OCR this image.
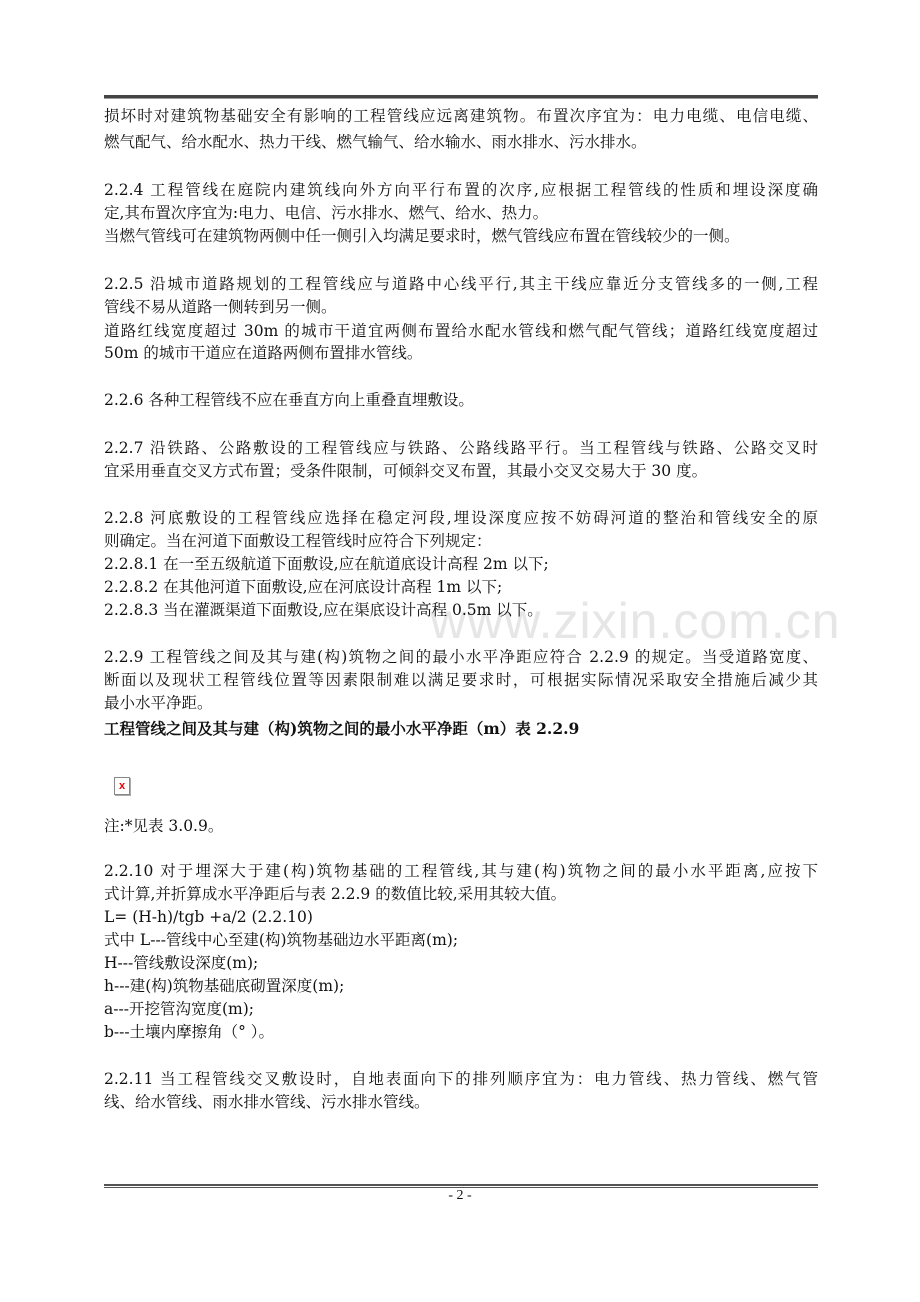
www.zixin.com.cn
损坏时对建筑物基础安全有影响的工程管线应远离建筑物。布置次序宜为：电力电缆、电信电缆、
燃气配气、给水配水、热力干线、燃气输气、给水输水、雨水排水、污水排水。
2.2.4 工程管线在庭院内建筑线向外方向平行布置的次序,应根据工程管线的性质和埋设深度确
定,其布置次序宜为:电力、电信、污水排水、燃气、给水、热力。
当燃气管线可在建筑物两侧中任一侧引入均满足要求时，燃气管线应布置在管线较少的一侧。
2.2.5 沿城市道路规划的工程管线应与道路中心线平行,其主干线应靠近分支管线多的一侧,工程
管线不易从道路一侧转到另一侧。
道路红线宽度超过 30m 的城市干道宜两侧布置给水配水管线和燃气配气管线；道路红线宽度超过
50m 的城市干道应在道路两侧布置排水管线。
2.2.6 各种工程管线不应在垂直方向上重叠直埋敷设。
2.2.7 沿铁路、公路敷设的工程管线应与铁路、公路线路平行。当工程管线与铁路、公路交叉时
宜采用垂直交叉方式布置；受条件限制，可倾斜交叉布置，其最小交叉交易大于 30 度。
2.2.8 河底敷设的工程管线应选择在稳定河段,埋设深度应按不妨碍河道的整治和管线安全的原
则确定。当在河道下面敷设工程管线时应符合下列规定：
2.2.8.1 在一至五级航道下面敷设,应在航道底设计高程 2m 以下;
2.2.8.2 在其他河道下面敷设,应在河底设计高程 1m 以下;
2.2.8.3 当在灌溉渠道下面敷设,应在渠底设计高程 0.5m 以下。
2.2.9 工程管线之间及其与建(构)筑物之间的最小水平净距应符合 2.2.9 的规定。当受道路宽度、
断面以及现状工程管线位置等因素限制难以满足要求时，可根据实际情况采取安全措施后减少其
最小水平净距。
工程管线之间及其与建（构)筑物之间的最小水平净距（m）表 2.2.9
x
注:*见表 3.0.9。
2.2.10 对于埋深大于建(构)筑物基础的工程管线,其与建(构)筑物之间的最小水平距离,应按下
式计算,并折算成水平净距后与表 2.2.9 的数值比较,采用其较大值。
L= (H-h)/tgb +a/2 (2.2.10)
式中 L---管线中心至建(构)筑物基础边水平距离(m);
H---管线敷设深度(m);
h---建(构)筑物基础底砌置深度(m);
a---开挖管沟宽度(m);
b---土壤内摩擦角（° ）。
2.2.11 当工程管线交叉敷设时，自地表面向下的排列顺序宜为：电力管线、热力管线、燃气管
线、给水管线、雨水排水管线、污水排水管线。
- 2 -
